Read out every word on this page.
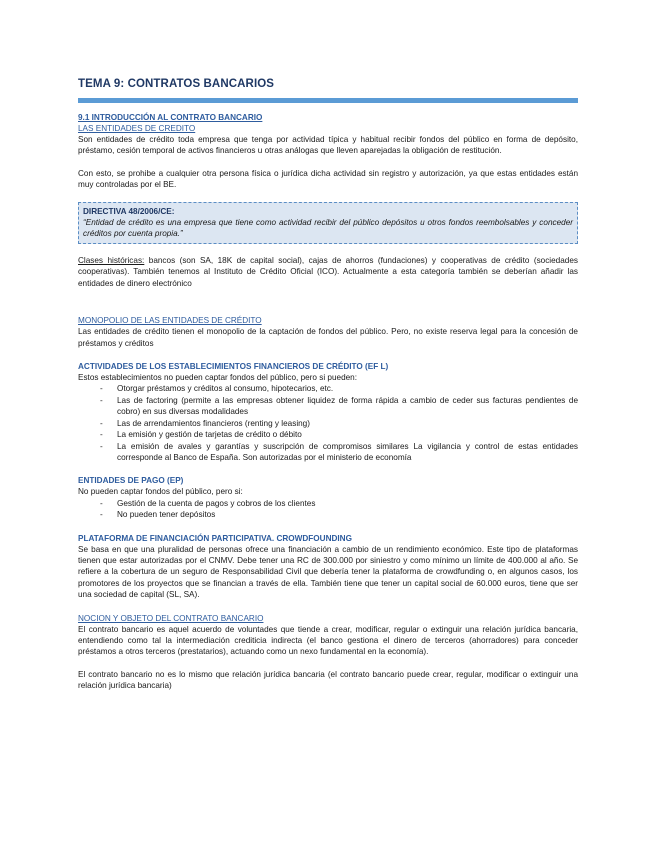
TEMA 9: CONTRATOS BANCARIOS
9.1 INTRODUCCIÓN AL CONTRATO BANCARIO
LAS ENTIDADES DE CREDITO

Son entidades de crédito toda empresa que tenga por actividad típica y habitual recibir fondos del público en forma de depósito, préstamo, cesión temporal de activos financieros u otras análogas que lleven aparejadas la obligación de restitución.

Con esto, se prohibe a cualquier otra persona física o jurídica dicha actividad sin registro y autorización, ya que estas entidades están muy controladas por el BE.

DIRECTIVA 48/2006/CE:

“Entidad de crédito es una empresa que tiene como actividad recibir del público depósitos u otros fondos reembolsables y conceder créditos por cuenta propia.”

Clases históricas: bancos (son SA, 18K de capital social), cajas de ahorros (fundaciones) y cooperativas de crédito (sociedades cooperativas). También tenemos al Instituto de Crédito Oficial (ICO). Actualmente a esta categoría también se deberían añadir las entidades de dinero electrónico

MONOPOLIO DE LAS ENTIDADES DE CRÉDITO

Las entidades de crédito tienen el monopolio de la captación de fondos del público. Pero, no existe reserva legal para la concesión de préstamos y créditos

ACTIVIDADES DE LOS ESTABLECIMIENTOS FINANCIEROS DE CRÉDITO (EF L)

Estos establecimientos no pueden captar fondos del público, pero si pueden:

- Otorgar préstamos y créditos al consumo, hipotecarios, etc.
- Las de factoring (permite a las empresas obtener liquidez de forma rápida a cambio de ceder sus facturas pendientes de cobro) en sus diversas modalidades
- Las de arrendamientos financieros (renting y leasing)
- La emisión y gestión de tarjetas de crédito o débito
- La emisión de avales y garantías y suscripción de compromisos similares La vigilancia y control de estas entidades corresponde al Banco de España. Son autorizadas por el ministerio de economía
ENTIDADES DE PAGO (EP)

No pueden captar fondos del público, pero si:

- Gestión de la cuenta de pagos y cobros de los clientes
- No pueden tener depósitos
PLATAFORMA DE FINANCIACIÓN PARTICIPATIVA. CROWDFOUNDING

Se basa en que una pluralidad de personas ofrece una financiación a cambio de un rendimiento económico. Este tipo de plataformas tienen que estar autorizadas por el CNMV. Debe tener una RC de 300.000 por siniestro y como mínimo un límite de 400.000 al año. Se refiere a la cobertura de un seguro de Responsabilidad Civil que debería tener la plataforma de crowdfunding o, en algunos casos, los promotores de los proyectos que se financian a través de ella. También tiene que tener un capital social de 60.000 euros, tiene que ser una sociedad de capital (SL, SA).

NOCION Y OBJETO DEL CONTRATO BANCARIO

El contrato bancario es aquel acuerdo de voluntades que tiende a crear, modificar, regular o extinguir una relación jurídica bancaria, entendiendo como tal la intermediación crediticia indirecta (el banco gestiona el dinero de terceros (ahorradores) para conceder préstamos a otros terceros (prestatarios), actuando como un nexo fundamental en la economía).

El contrato bancario no es lo mismo que relación jurídica bancaria (el contrato bancario puede crear, regular, modificar o extinguir una relación jurídica bancaria)
